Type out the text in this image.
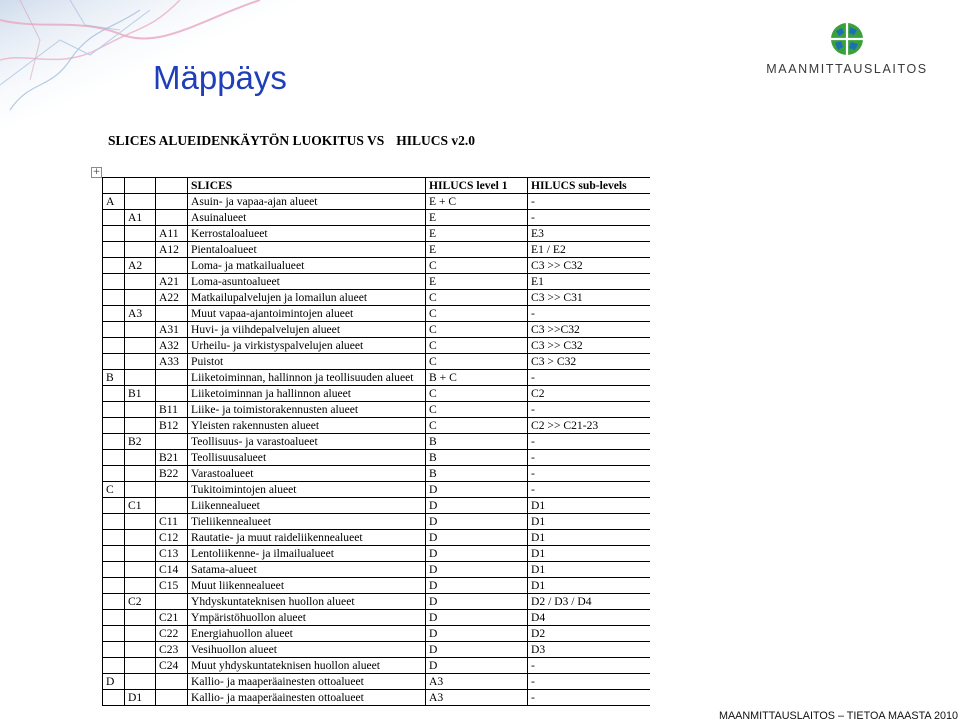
Mäppäys	MAANMITTAUSLAITOS
SLICES ALUEIDENKÄYTÖN LUOKITUS VS HILUCS v2.0
+
			SLICES	HILUCS level 1	HILUCS sub-levels
A			Asuin- ja vapaa-ajan alueet	E + C	-
	A1		Asuinalueet	E	-
		A11	Kerrostaloalueet	E	E3
		A12	Pientaloalueet	E	E1 / E2
	A2		Loma- ja matkailualueet	C	C3 >> C32
		A21	Loma-asuntoalueet	E	E1
		A22	Matkailupalvelujen ja lomailun alueet	C	C3 >> C31
	A3		Muut vapaa-ajantoimintojen alueet	C	-
		A31	Huvi- ja viihdepalvelujen alueet	C	C3 >>C32
		A32	Urheilu- ja virkistyspalvelujen alueet	C	C3 >> C32
		A33	Puistot	C	C3 > C32
B			Liiketoiminnan, hallinnon ja teollisuuden alueet	B + C	-
	B1		Liiketoiminnan ja hallinnon alueet	C	C2
		B11	Liike- ja toimistorakennusten alueet	C	-
		B12	Yleisten rakennusten alueet	C	C2 >> C21-23
	B2		Teollisuus- ja varastoalueet	B	-
		B21	Teollisuusalueet	B	-
		B22	Varastoalueet	B	-
C			Tukitoimintojen alueet	D	-
	C1		Liikennealueet	D	D1
		C11	Tieliikennealueet	D	D1
		C12	Rautatie- ja muut raideliikennealueet	D	D1
		C13	Lentoliikenne- ja ilmailualueet	D	D1
		C14	Satama-alueet	D	D1
		C15	Muut liikennealueet	D	D1
	C2		Yhdyskuntateknisen huollon alueet	D	D2 / D3 / D4
		C21	Ympäristöhuollon alueet	D	D4
		C22	Energiahuollon alueet	D	D2
		C23	Vesihuollon alueet	D	D3
		C24	Muut yhdyskuntateknisen huollon alueet	D	-
D			Kallio- ja maaperäainesten ottoalueet	A3	-
	D1		Kallio- ja maaperäainesten ottoalueet	A3	-
MAANMITTAUSLAITOS – TIETOA MAASTA 2010
